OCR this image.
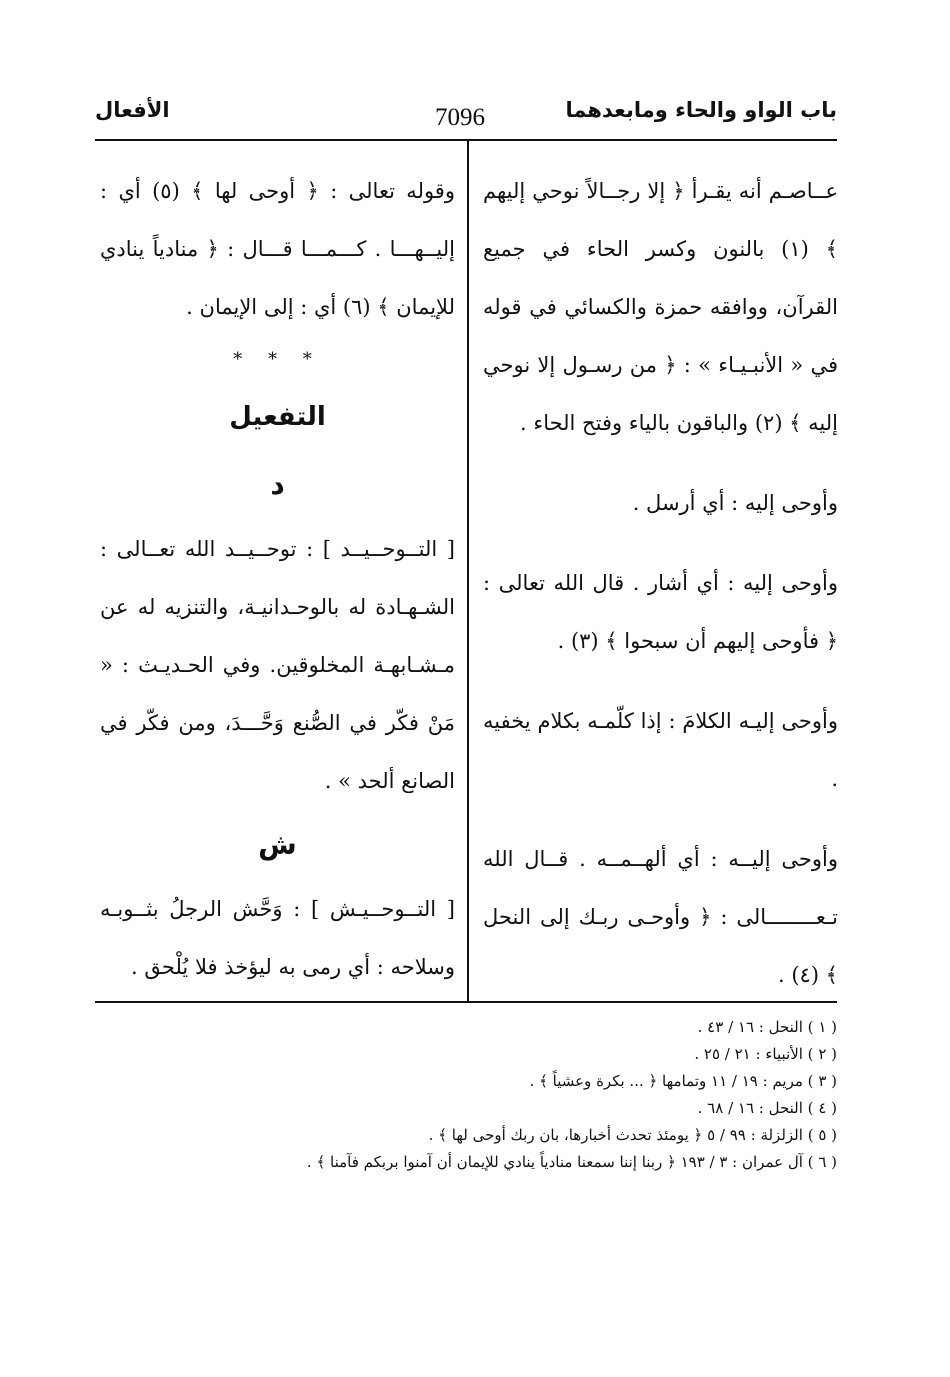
باب الواو والحاء ومابعدهما
7096
الأفعال

عــاصـم أنه يقـرأ ﴿ إلا رجــالاً نوحي إليهم ﴾ (١) بالنون وكسر الحاء في جميع القرآن، ووافقه حمزة والكسائي في قوله في « الأنبـيـاء » : ﴿ من رسـول إلا نوحي إليه ﴾ (٢) والباقون بالياء وفتح الحاء .

وأوحى إليه : أي أرسل .

وأوحى إليه : أي أشار . قال الله تعالى : ﴿ فأوحى إليهم أن سبحوا ﴾ (٣) .

وأوحى إليـه الكلامَ : إذا كلّمـه بكلام يخفيه .

وأوحى إليــه : أي ألهــمــه . قــال الله تـعــــــــالى : ﴿ وأوحـى ربـك إلى النحل ﴾ (٤) .

وقوله تعالى : ﴿ أوحى لها ﴾ (٥) أي : إليــهـــا . كـــمـــا قـــال : ﴿ منادياً ينادي للإيمان ﴾ (٦) أي : إلى الإيمان .

* * *
التفعيل
د

[ التــوحــيــد ] : توحــيــد الله تعــالى : الشـهـادة له بالوحـدانيـة، والتنزيه له عن مـشـابهـة المخلوقين. وفي الحـديـث : « مَنْ فكّر في الصُّنع وَحَّـــدَ، ومن فكّر في الصانع ألحد » .

ش

[ التــوحــيـش ] : وَحَّش الرجلُ بثــوبـه وسلاحه : أي رمى به ليؤخذ فلا يُلْحق .

( ١ ) النحل : ١٦ / ٤٣ .
( ٢ ) الأنبياء : ٢١ / ٢٥ .
( ٣ ) مريم : ١٩ / ١١ وتمامها ﴿ ... بكرة وعشياً ﴾ .
( ٤ ) النحل : ١٦ / ٦٨ .
( ٥ ) الزلزلة : ٩٩ / ٥ ﴿ يومئذ تحدث أخبارها، بان ربك أوحى لها ﴾ .
( ٦ ) آل عمران : ٣ / ١٩٣ ﴿ ربنا إننا سمعنا منادياً ينادي للإيمان أن آمنوا بربكم فآمنا ﴾ .
